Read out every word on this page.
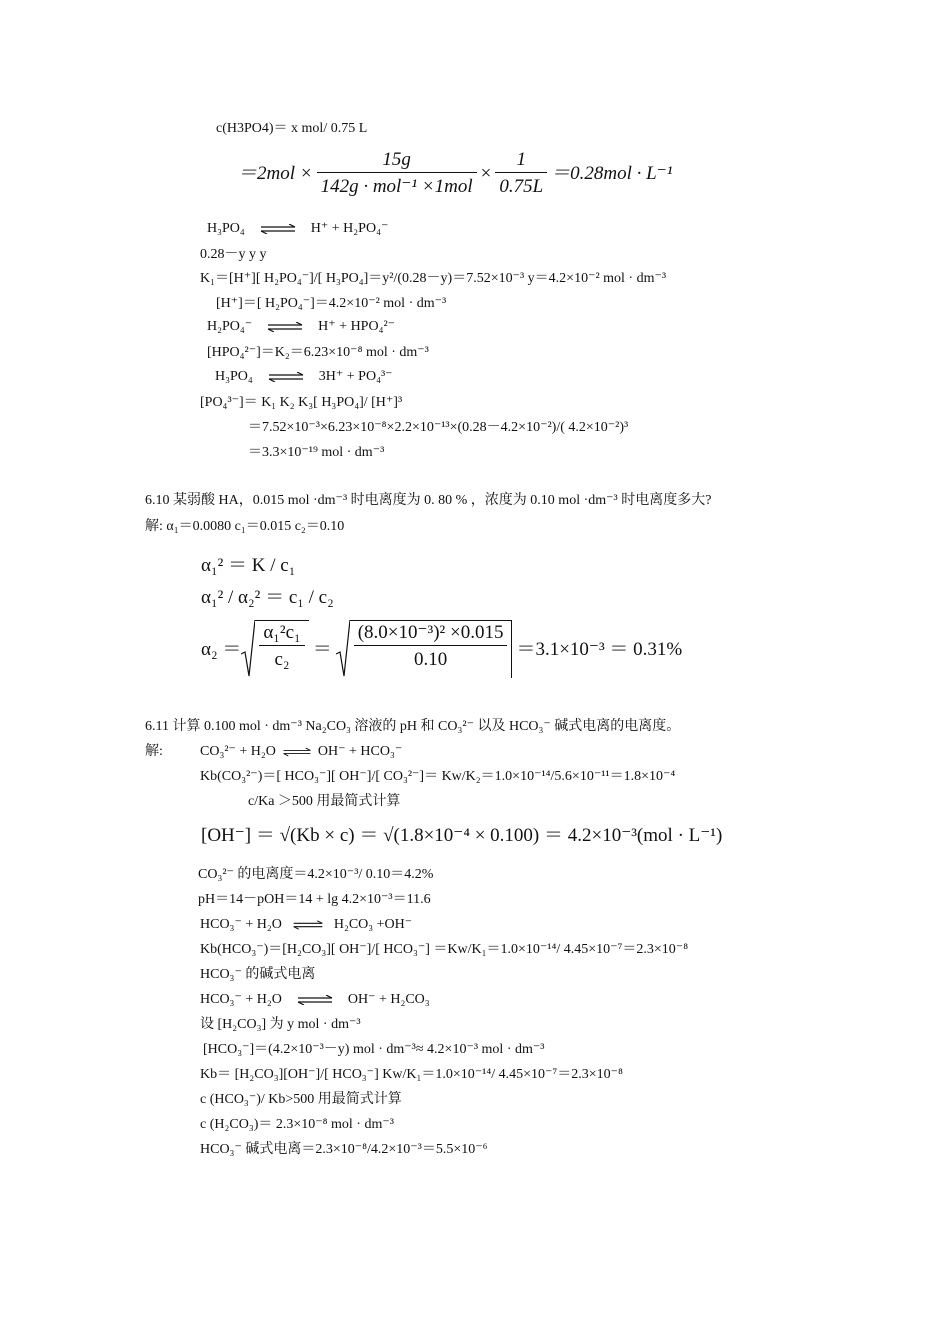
c(H3PO4)＝ x mol/ 0.75 L
$=2mol \times \frac{15g}{\text{142g · mol⁻¹ ×1mol}} \times \frac{1}{0.75L} =0.28mol \cdot L^{-1}$
H₃PO₄ ⇌ H⁺ + H₂PO₄⁻
0.28－y y y
K₁＝[H⁺][ H₂PO₄⁻]/[ H₃PO₄]＝y²/(0.28－y)＝7.52×10⁻³ y＝4.2×10⁻² mol · dm⁻³
[H⁺]＝[ H₂PO₄⁻]＝4.2×10⁻² mol · dm⁻³
H₂PO₄⁻ ⇌ H⁺ + HPO₄²⁻
[HPO₄²⁻]＝K₂＝6.23×10⁻⁸ mol · dm⁻³
H₃PO₄ ⇌ 3H⁺ + PO₄³⁻
[PO₄³⁻]＝ K₁ K₂ K₃[ H₃PO₄]/ [H⁺]³
＝7.52×10⁻³×6.23×10⁻⁸×2.2×10⁻¹³×(0.28－4.2×10⁻²)/( 4.2×10⁻²)³
＝3.3×10⁻¹⁹ mol · dm⁻³
6.10 某弱酸 HA，0.015 mol ·dm⁻³ 时电离度为 0. 80 % ，浓度为 0.10 mol ·dm⁻³ 时电离度多大?
解: α₁＝0.0080 c₁＝0.015 c₂＝0.10
α₁² ＝ K / c₁
α₁² / α₂² ＝ c₁ / c₂
$\alpha_2 = \frac{\text{α₁²c₁}}{\text{c₂}} = \frac{\text{(8.0×10⁻³)² ×0.015}}{0.10} =3.1\times 10^{-3} = 0.31\%$
6.11 计算 0.100 mol · dm⁻³ Na₂CO₃ 溶液的 pH 和 CO₃²⁻ 以及 HCO₃⁻ 碱式电离的电离度。
解:	CO₃²⁻ + H₂O ⇌ OH⁻ + HCO₃⁻
Kb(CO₃²⁻)＝[ HCO₃⁻][ OH⁻]/[ CO₃²⁻]＝ Kw/K₂＝1.0×10⁻¹⁴/5.6×10⁻¹¹＝1.8×10⁻⁴
c/Ka ＞500 用最简式计算
[OH⁻] ＝ √(Kb × c) ＝ √(1.8×10⁻⁴ × 0.100) ＝ 4.2×10⁻³(mol · L⁻¹)
CO₃²⁻ 的电离度＝4.2×10⁻³/ 0.10＝4.2%
pH＝14－pOH＝14 + lg 4.2×10⁻³＝11.6
HCO₃⁻ + H₂O ⇌ H₂CO₃ +OH⁻
Kb(HCO₃⁻)＝[H₂CO₃][ OH⁻]/[ HCO₃⁻] ＝Kw/K₁＝1.0×10⁻¹⁴/ 4.45×10⁻⁷＝2.3×10⁻⁸
HCO₃⁻ 的碱式电离
HCO₃⁻ + H₂O ⇌ OH⁻ + H₂CO₃
设 [H₂CO₃] 为 y mol · dm⁻³
[HCO₃⁻]＝(4.2×10⁻³－y) mol · dm⁻³≈ 4.2×10⁻³ mol · dm⁻³
Kb＝ [H₂CO₃][OH⁻]/[ HCO₃⁻] Kw/K₁＝1.0×10⁻¹⁴/ 4.45×10⁻⁷＝2.3×10⁻⁸
c (HCO₃⁻)/ Kb>500 用最简式计算
c (H₂CO₃)＝ 2.3×10⁻⁸ mol · dm⁻³
HCO₃⁻ 碱式电离＝2.3×10⁻⁸/4.2×10⁻³＝5.5×10⁻⁶
